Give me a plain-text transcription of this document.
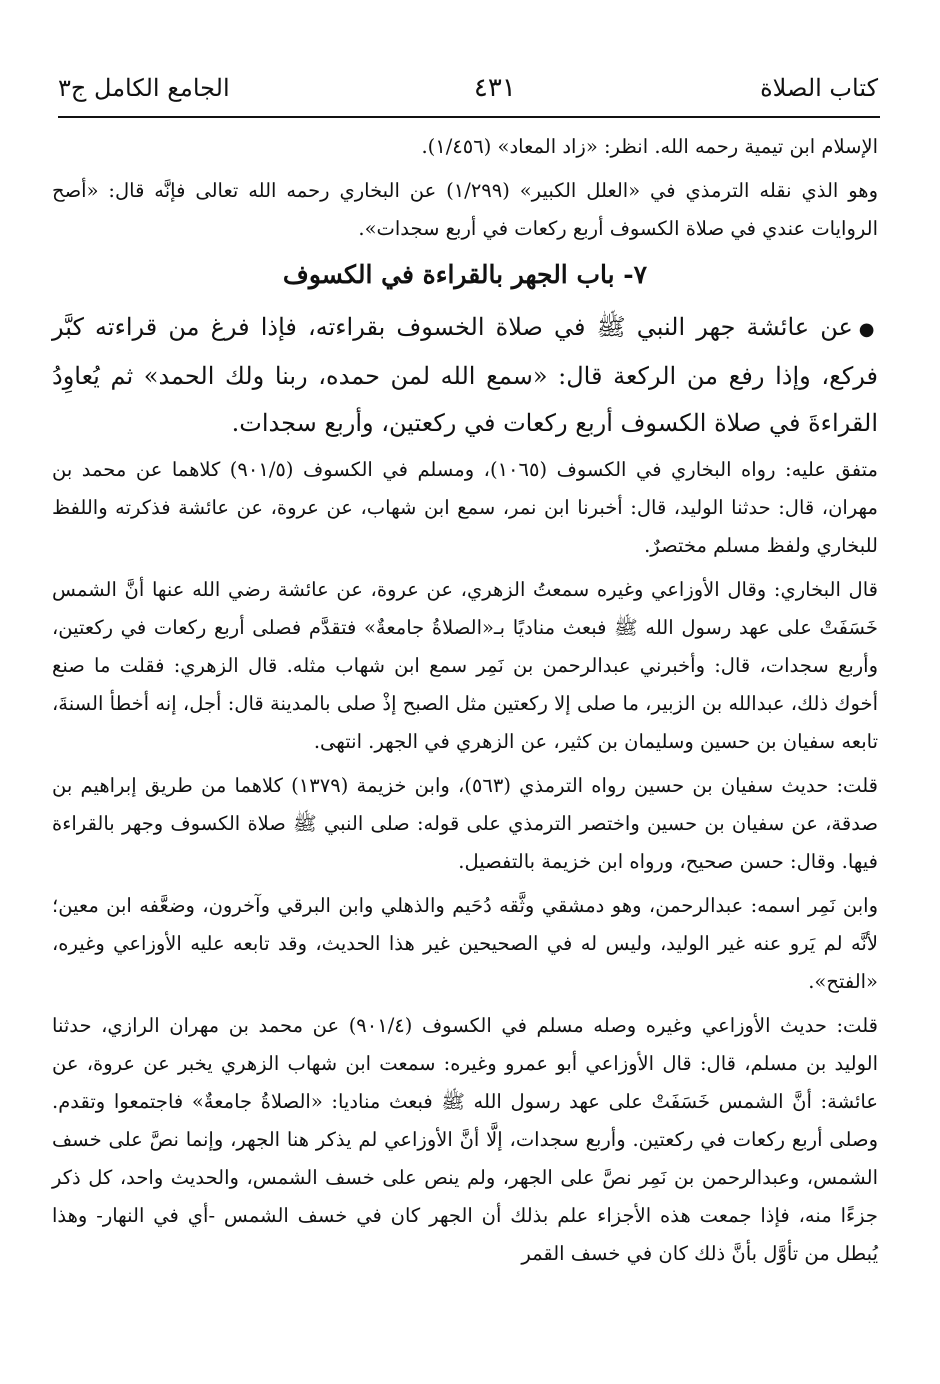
كتاب الصلاة
٤٣١
الجامع الكامل ج٣

الإسلام ابن تيمية رحمه الله. انظر: «زاد المعاد» (١/٤٥٦).

وهو الذي نقله الترمذي في «العلل الكبير» (١/٢٩٩) عن البخاري رحمه الله تعالى فإنَّه قال: «أصح الروايات عندي في صلاة الكسوف أربع ركعات في أربع سجدات».

٧- باب الجهر بالقراءة في الكسوف

●عن عائشة جهر النبي ﷺ في صلاة الخسوف بقراءته، فإذا فرغ من قراءته كبَّر فركع، وإذا رفع من الركعة قال: «سمع الله لمن حمده، ربنا ولك الحمد» ثم يُعاوِدُ القراءةَ في صلاة الكسوف أربع ركعات في ركعتين، وأربع سجدات.

متفق عليه: رواه البخاري في الكسوف (١٠٦٥)، ومسلم في الكسوف (٩٠١/٥) كلاهما عن محمد بن مهران، قال: حدثنا الوليد، قال: أخبرنا ابن نمر، سمع ابن شهاب، عن عروة، عن عائشة فذكرته واللفظ للبخاري ولفظ مسلم مختصرٌ.

قال البخاري: وقال الأوزاعي وغيره سمعتُ الزهري، عن عروة، عن عائشة رضي الله عنها أنَّ الشمس خَسَفَتْ على عهد رسول الله ﷺ فبعث مناديًا بـ«الصلاةُ جامعةٌ» فتقدَّم فصلى أربع ركعات في ركعتين، وأربع سجدات، قال: وأخبرني عبدالرحمن بن نَمِر سمع ابن شهاب مثله. قال الزهري: فقلت ما صنع أخوك ذلك، عبدالله بن الزبير، ما صلى إلا ركعتين مثل الصبح إذْ صلى بالمدينة قال: أجل، إنه أخطأ السنةَ، تابعه سفيان بن حسين وسليمان بن كثير، عن الزهري في الجهر. انتهى.

قلت: حديث سفيان بن حسين رواه الترمذي (٥٦٣)، وابن خزيمة (١٣٧٩) كلاهما من طريق إبراهيم بن صدقة، عن سفيان بن حسين واختصر الترمذي على قوله: صلى النبي ﷺ صلاة الكسوف وجهر بالقراءة فيها. وقال: حسن صحيح، ورواه ابن خزيمة بالتفصيل.

وابن نَمِر اسمه: عبدالرحمن، وهو دمشقي وثَّقه دُحَيم والذهلي وابن البرقي وآخرون، وضعَّفه ابن معين؛ لأنَّه لم يَرو عنه غير الوليد، وليس له في الصحيحين غير هذا الحديث، وقد تابعه عليه الأوزاعي وغيره، «الفتح».

قلت: حديث الأوزاعي وغيره وصله مسلم في الكسوف (٩٠١/٤) عن محمد بن مهران الرازي، حدثنا الوليد بن مسلم، قال: قال الأوزاعي أبو عمرو وغيره: سمعت ابن شهاب الزهري يخبر عن عروة، عن عائشة: أنَّ الشمس خَسَفَتْ على عهد رسول الله ﷺ فبعث مناديا: «الصلاةُ جامعةٌ» فاجتمعوا وتقدم. وصلى أربع ركعات في ركعتين. وأربع سجدات، إلَّا أنَّ الأوزاعي لم يذكر هنا الجهر، وإنما نصَّ على خسف الشمس، وعبدالرحمن بن نَمِر نصَّ على الجهر، ولم ينص على خسف الشمس، والحديث واحد، كل ذكر جزءًا منه، فإذا جمعت هذه الأجزاء علم بذلك أن الجهر كان في خسف الشمس -أي في النهار- وهذا يُبطل من تأوَّل بأنَّ ذلك كان في خسف القمر
